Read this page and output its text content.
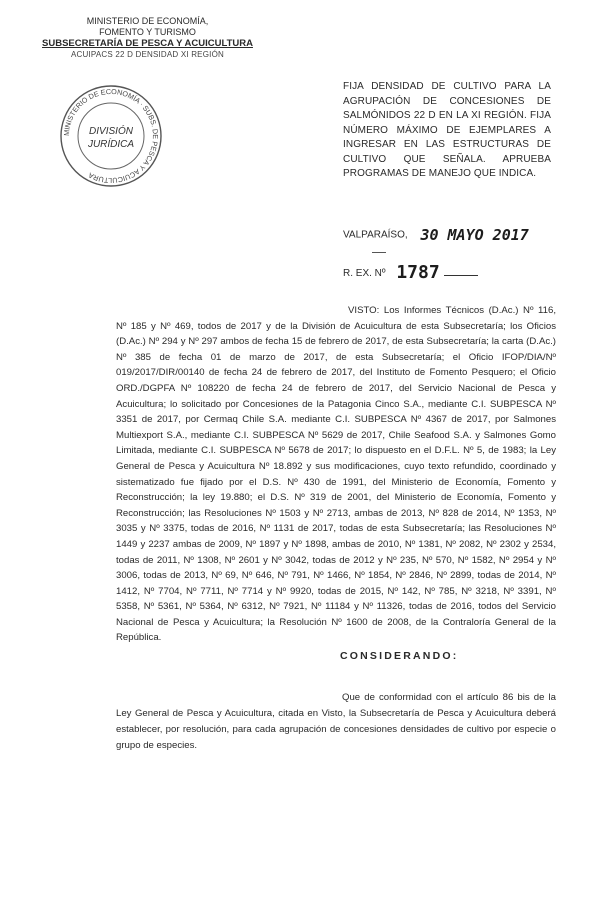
MINISTERIO DE ECONOMÍA,
FOMENTO Y TURISMO
SUBSECRETARÍA DE PESCA Y ACUICULTURA
ACUIPACS 22 D DENSIDAD XI REGIÓN
MINISTERIO DE ECONOMÍA · SUBS. DE PESCA Y ACUICULTURA
DIVISIÓN
JURÍDICA
FIJA DENSIDAD DE CULTIVO PARA LA AGRUPACIÓN DE CONCESIONES DE SALMÓNIDOS 22 D EN LA XI REGIÓN. FIJA NÚMERO MÁXIMO DE EJEMPLARES A INGRESAR EN LAS ESTRUCTURAS DE CULTIVO QUE SEÑALA. APRUEBA PROGRAMAS DE MANEJO QUE INDICA.
VALPARAÍSO, 30 MAYO 2017
R. EX. Nº 1787
VISTO: Los Informes Técnicos (D.Ac.) Nº 116, Nº 185 y Nº 469, todos de 2017 y de la División de Acuicultura de esta Subsecretaría; los Oficios (D.Ac.) Nº 294 y Nº 297 ambos de fecha 15 de febrero de 2017, de esta Subsecretaría; la carta (D.Ac.) Nº 385 de fecha 01 de marzo de 2017, de esta Subsecretaría; el Oficio IFOP/DIA/Nº 019/2017/DIR/00140 de fecha 24 de febrero de 2017, del Instituto de Fomento Pesquero; el Oficio ORD./DGPFA Nº 108220 de fecha 24 de febrero de 2017, del Servicio Nacional de Pesca y Acuicultura; lo solicitado por Concesiones de la Patagonia Cinco S.A., mediante C.I. SUBPESCA Nº 3351 de 2017, por Cermaq Chile S.A. mediante C.I. SUBPESCA Nº 4367 de 2017, por Salmones Multiexport S.A., mediante C.I. SUBPESCA Nº 5629 de 2017, Chile Seafood S.A. y Salmones Gomo Limitada, mediante C.I. SUBPESCA Nº 5678 de 2017; lo dispuesto en el D.F.L. Nº 5, de 1983; la Ley General de Pesca y Acuicultura Nº 18.892 y sus modificaciones, cuyo texto refundido, coordinado y sistematizado fue fijado por el D.S. Nº 430 de 1991, del Ministerio de Economía, Fomento y Reconstrucción; la ley 19.880; el D.S. Nº 319 de 2001, del Ministerio de Economía, Fomento y Reconstrucción; las Resoluciones Nº 1503 y Nº 2713, ambas de 2013, Nº 828 de 2014, Nº 1353, Nº 3035 y Nº 3375, todas de 2016, Nº 1131 de 2017, todas de esta Subsecretaría; las Resoluciones Nº 1449 y 2237 ambas de 2009, Nº 1897 y Nº 1898, ambas de 2010, Nº 1381, Nº 2082, Nº 2302 y 2534, todas de 2011, Nº 1308, Nº 2601 y Nº 3042, todas de 2012 y Nº 235, Nº 570, Nº 1582, Nº 2954 y Nº 3006, todas de 2013, Nº 69, Nº 646, Nº 791, Nº 1466, Nº 1854, Nº 2846, Nº 2899, todas de 2014, Nº 1412, Nº 7704, Nº 7711, Nº 7714 y Nº 9920, todas de 2015, Nº 142, Nº 785, Nº 3218, Nº 3391, Nº 5358, Nº 5361, Nº 5364, Nº 6312, Nº 7921, Nº 11184 y Nº 11326, todas de 2016, todos del Servicio Nacional de Pesca y Acuicultura; la Resolución Nº 1600 de 2008, de la Contraloría General de la República.
CONSIDERANDO:
Que de conformidad con el artículo 86 bis de la Ley General de Pesca y Acuicultura, citada en Visto, la Subsecretaría de Pesca y Acuicultura deberá establecer, por resolución, para cada agrupación de concesiones densidades de cultivo por especie o grupo de especies.
